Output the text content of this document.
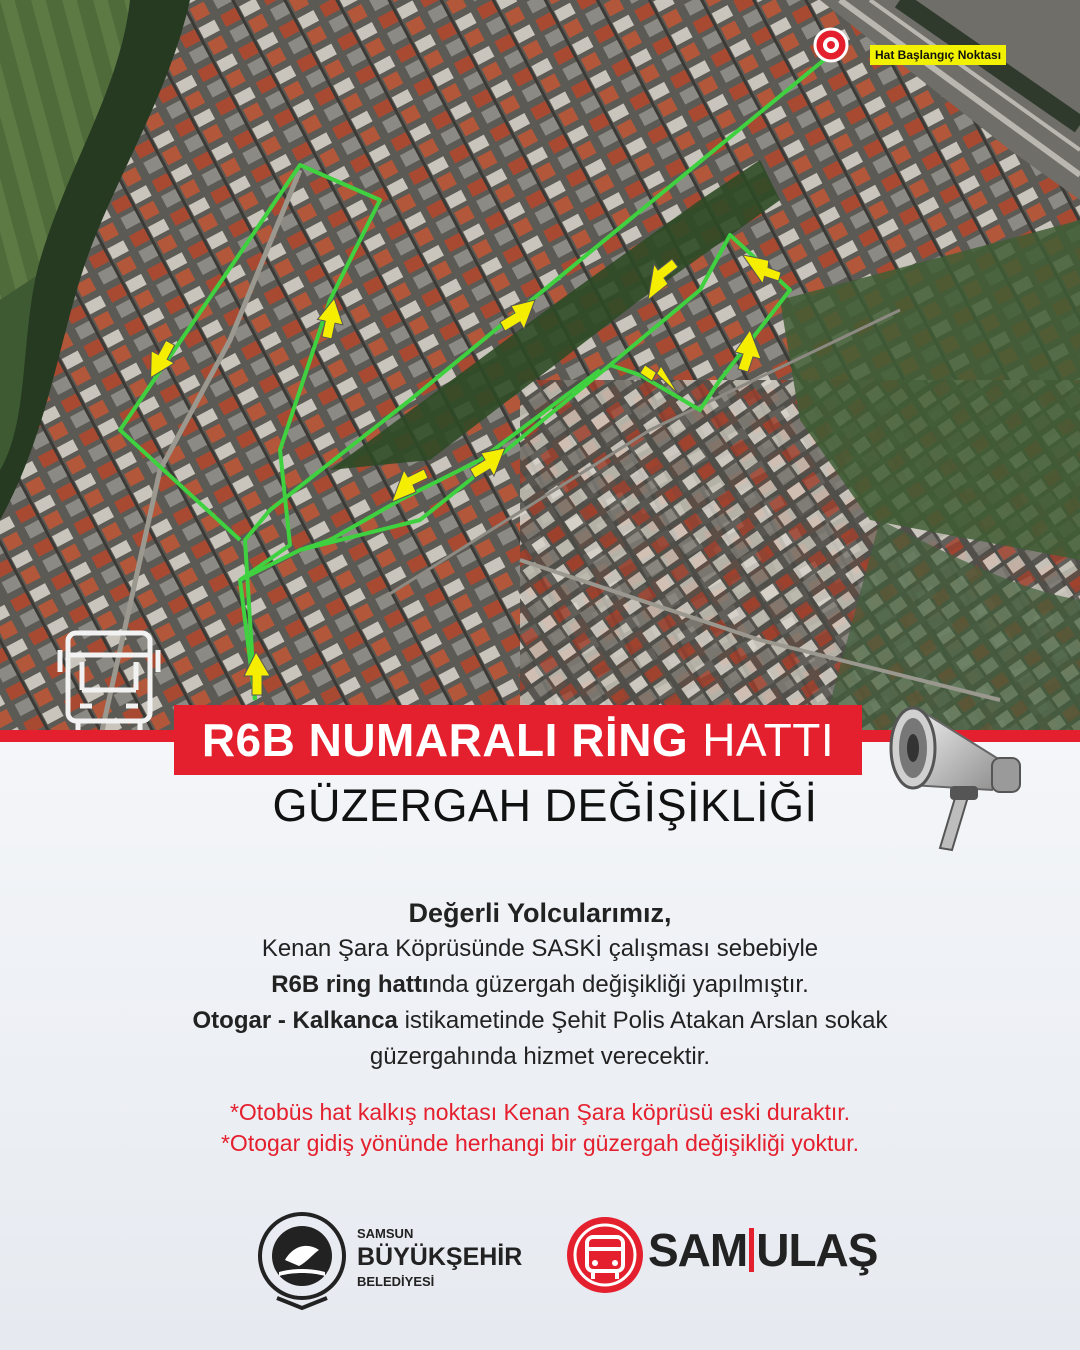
Hat Başlangıç Noktası
R6B NUMARALI RİNG HATTI
GÜZERGAH DEĞİŞİKLİĞİ
Değerli Yolcularımız,
Kenan Şara Köprüsünde SASKİ çalışması sebebiyle
R6B ring hattında güzergah değişikliği yapılmıştır.
Otogar - Kalkanca istikametinde Şehit Polis Atakan Arslan sokak
güzergahında hizmet verecektir.
*Otobüs hat kalkış noktası Kenan Şara köprüsü eski duraktır.
*Otogar gidiş yönünde herhangi bir güzergah değişikliği yoktur.
SAMSUN
BÜYÜKŞEHİR
BELEDİYESİ
SAM ULAŞ
